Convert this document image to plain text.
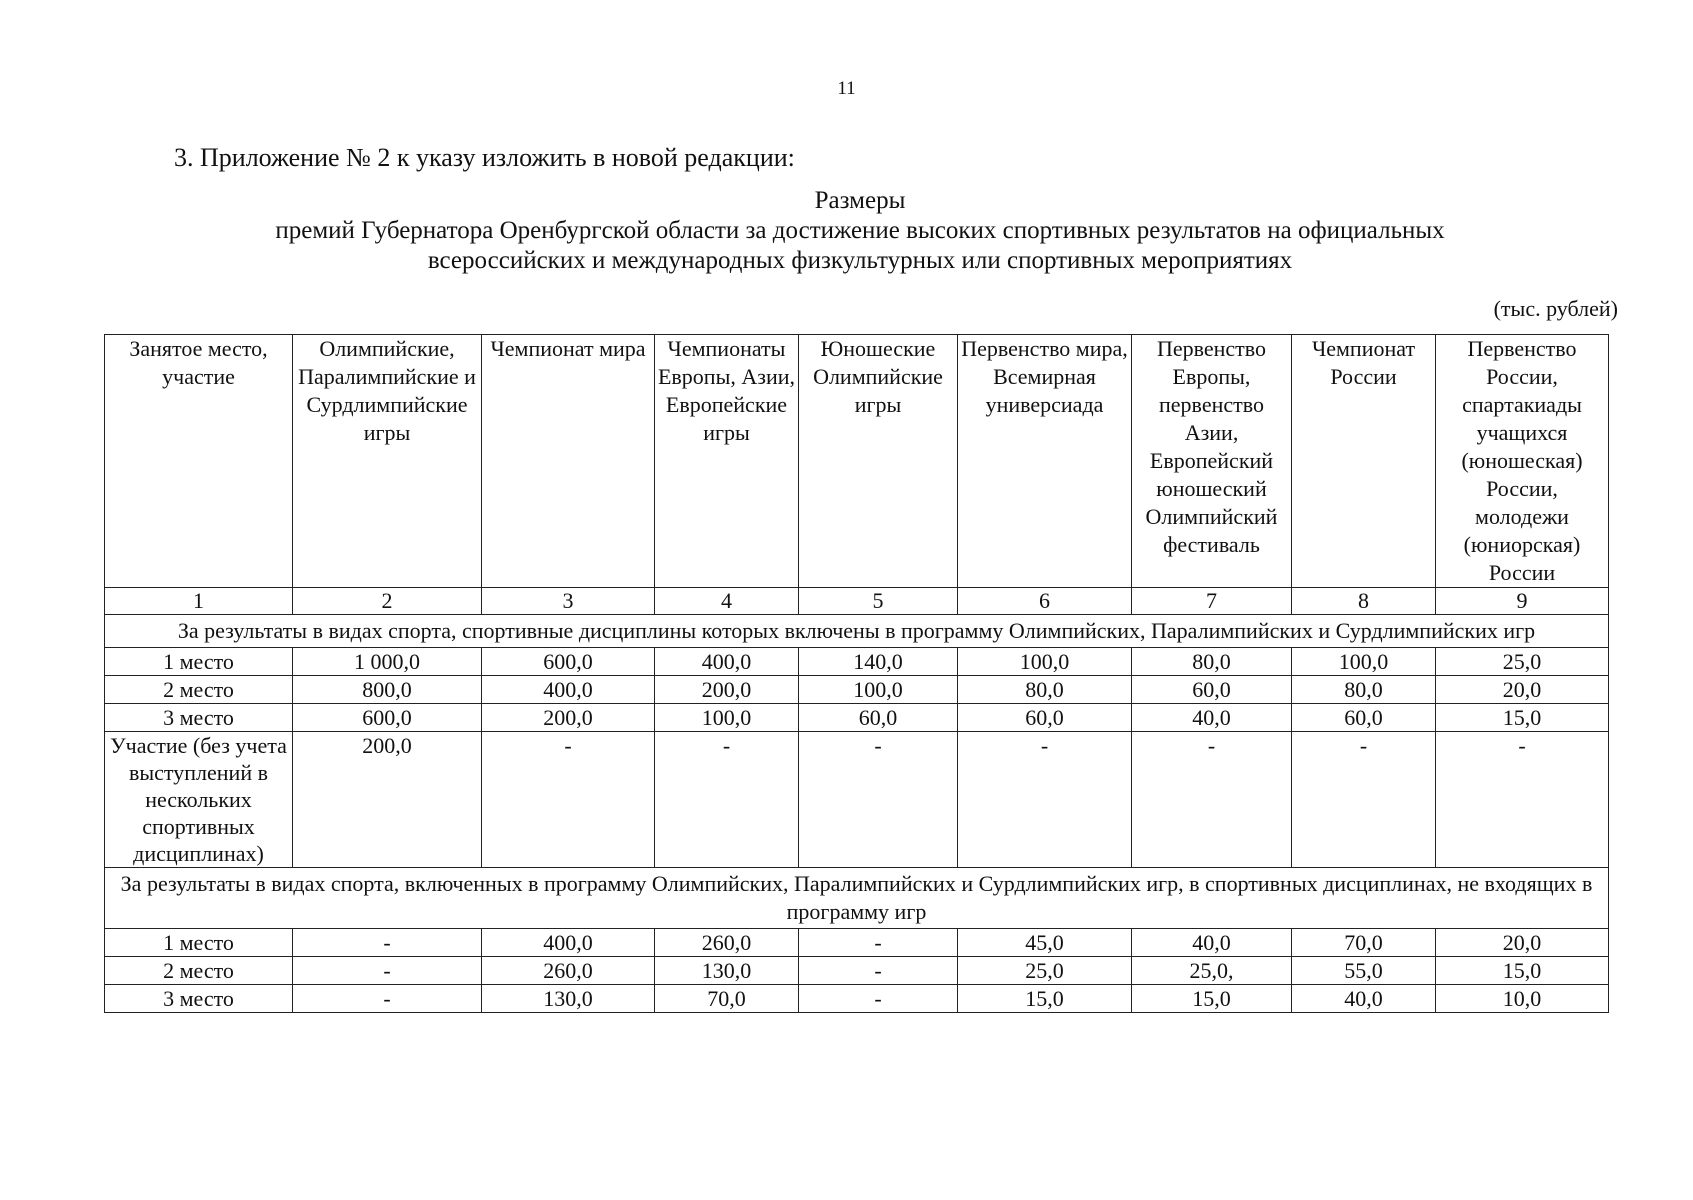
11
3. Приложение № 2 к указу изложить в новой редакции:
Размеры
премий Губернатора Оренбургской области за достижение высоких спортивных результатов на официальных
всероссийских и международных физкультурных или спортивных мероприятиях
(тыс. рублей)
Занятое место, участие	Олимпийские, Паралимпийские и Сурдлимпийские игры	Чемпионат мира	Чемпионаты Европы, Азии, Европейские игры	Юношеские Олимпийские игры	Первенство мира, Всемирная универсиада	Первенство Европы, первенство Азии, Европейский юношеский Олимпийский фестиваль	Чемпионат России	Первенство России, спартакиады учащихся (юношеская) России, молодежи (юниорская) России
1	2	3	4	5	6	7	8	9
За результаты в видах спорта, спортивные дисциплины которых включены в программу Олимпийских, Паралимпийских и Сурдлимпийских игр								
1 место	1 000,0	600,0	400,0	140,0	100,0	80,0	100,0	25,0
2 место	800,0	400,0	200,0	100,0	80,0	60,0	80,0	20,0
3 место	600,0	200,0	100,0	60,0	60,0	40,0	60,0	15,0
Участие (без учета выступлений в нескольких спортивных дисциплинах)	200,0	-	-	-	-	-	-	-
За результаты в видах спорта, включенных в программу Олимпийских, Паралимпийских и Сурдлимпийских игр, в спортивных дисциплинах, не входящих в программу игр								
1 место	-	400,0	260,0	-	45,0	40,0	70,0	20,0
2 место	-	260,0	130,0	-	25,0	25,0,	55,0	15,0
3 место	-	130,0	70,0	-	15,0	15,0	40,0	10,0
